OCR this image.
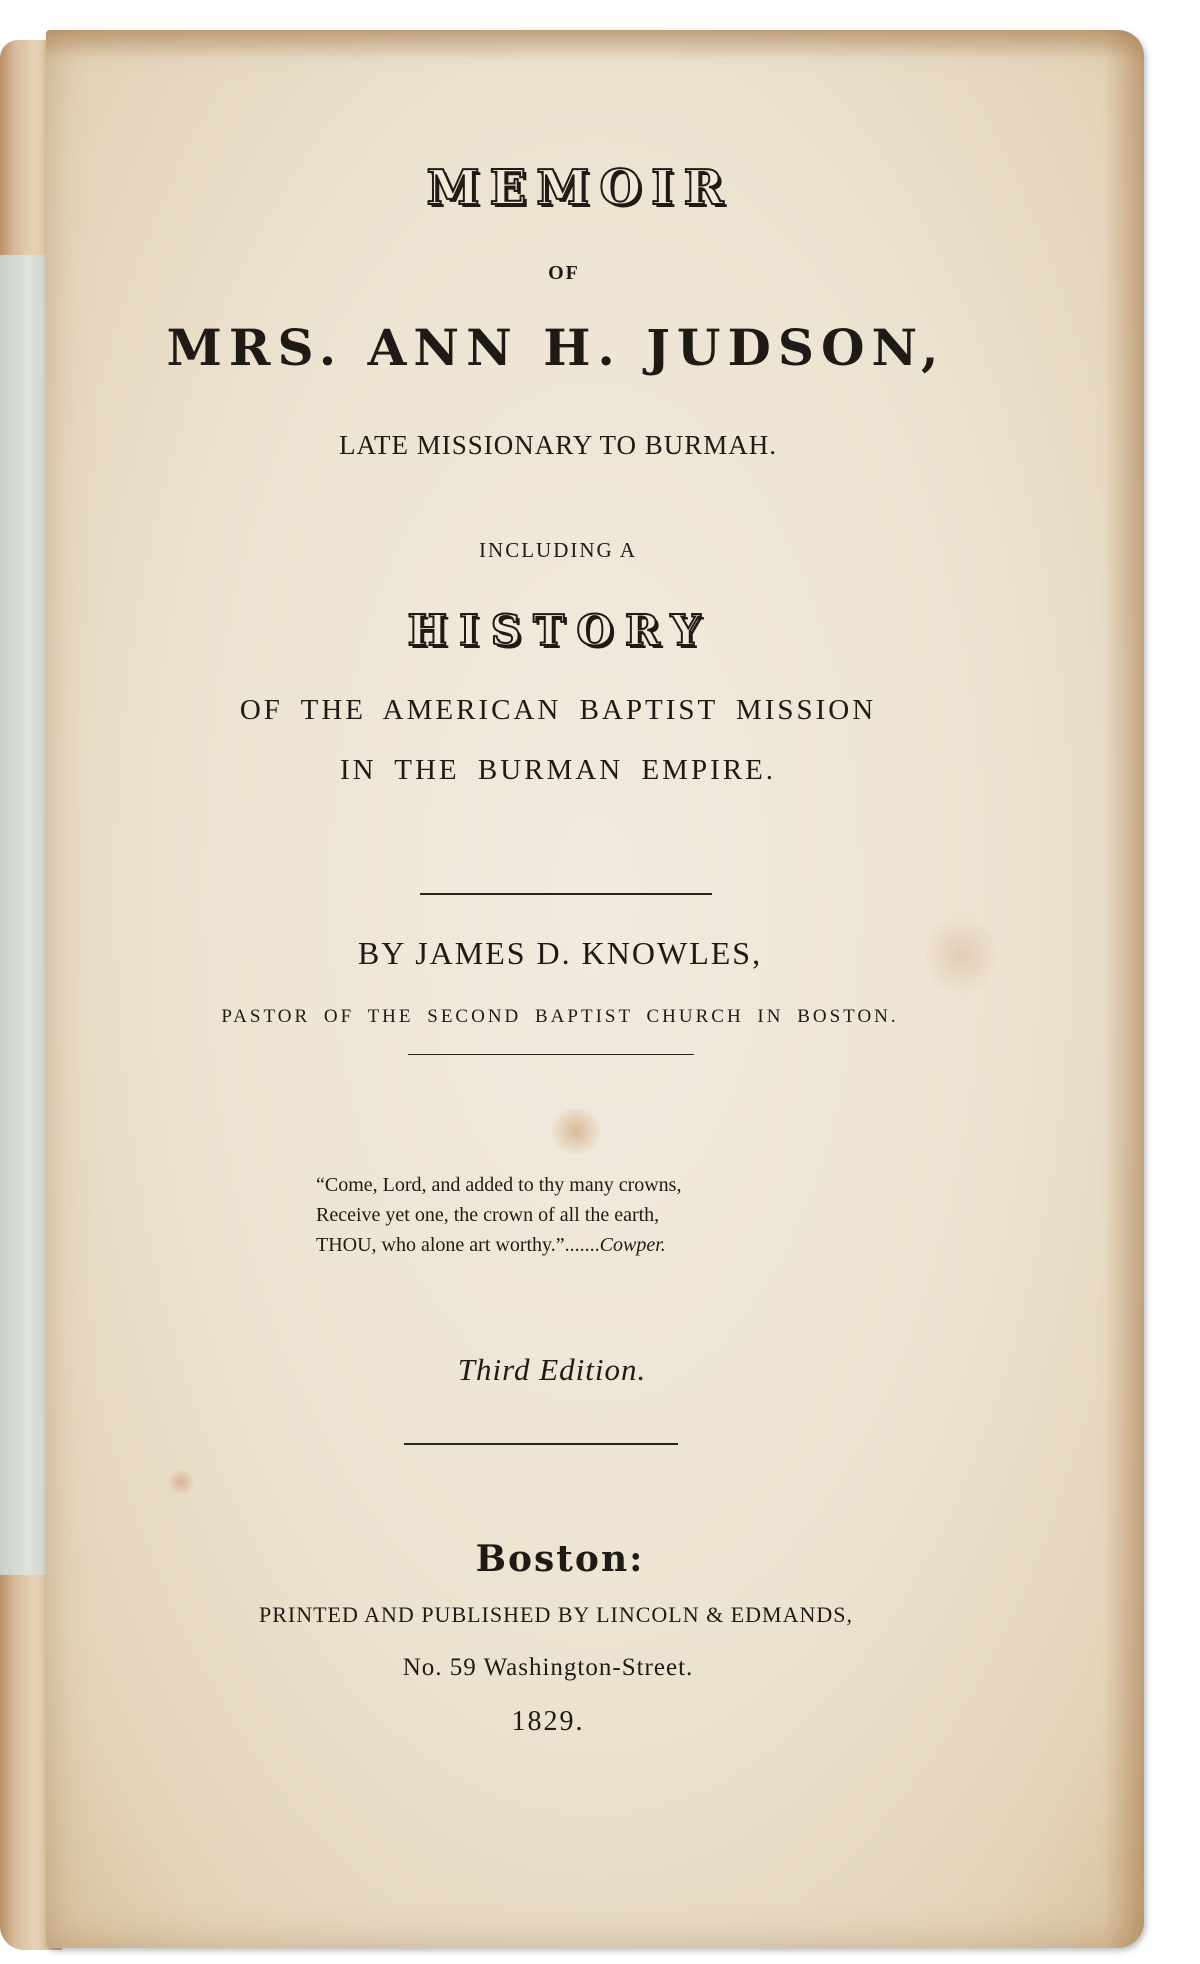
MEMOIR
OF
MRS. ANN H. JUDSON,
LATE MISSIONARY TO BURMAH.
INCLUDING A
HISTORY
OF THE AMERICAN BAPTIST MISSION
IN THE BURMAN EMPIRE.
BY JAMES D. KNOWLES,
PASTOR OF THE SECOND BAPTIST CHURCH IN BOSTON.
“Come, Lord, and added to thy many crowns,
Receive yet one, the crown of all the earth,
THOU, who alone art worthy.”.......Cowper.
Third Edition.
Boston:
PRINTED AND PUBLISHED BY LINCOLN & EDMANDS,
No. 59 Washington-Street.
1829.
